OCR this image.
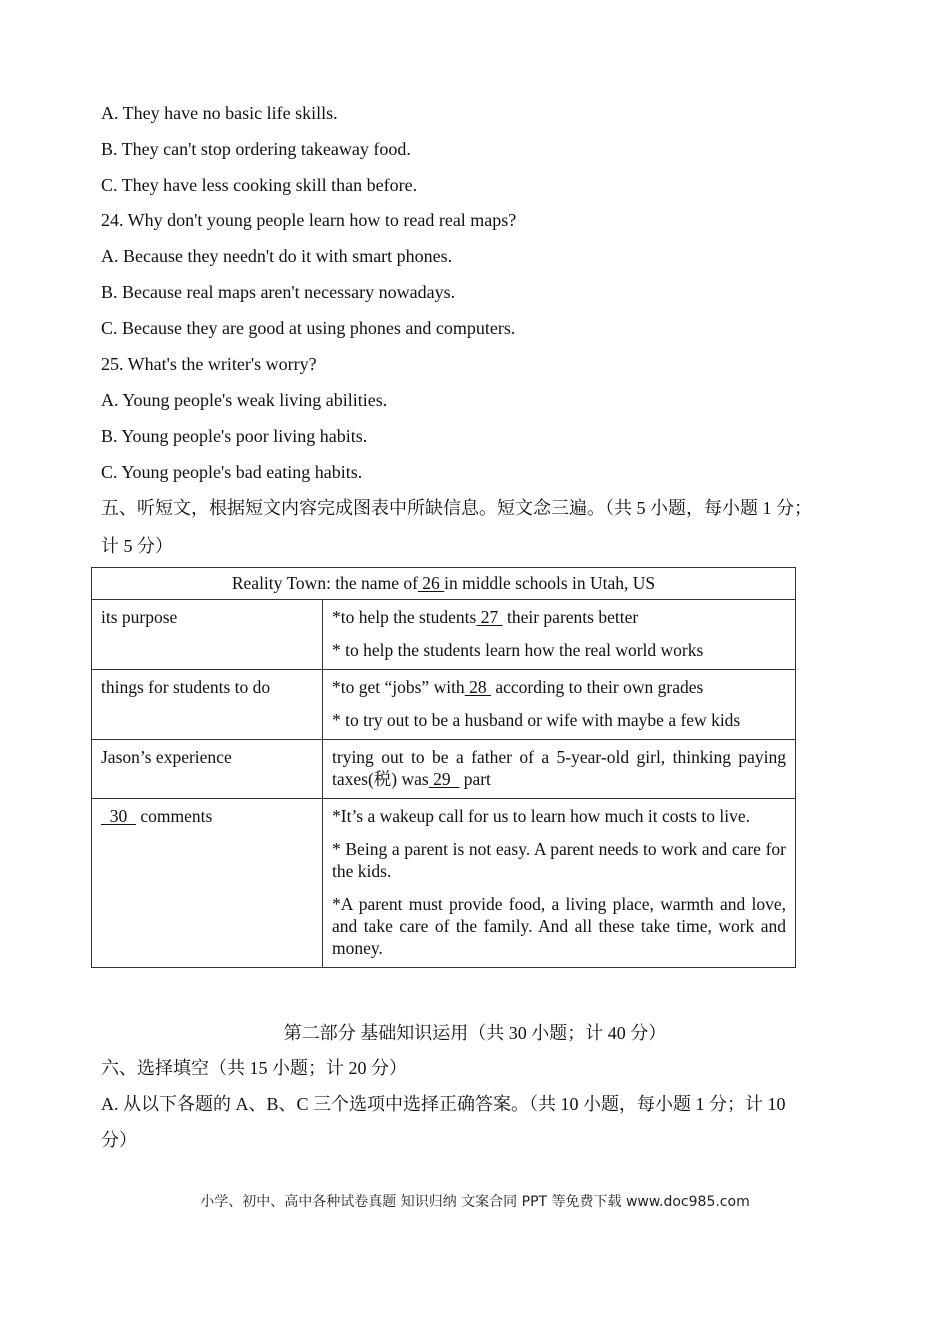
A. They have no basic life skills.
B. They can't stop ordering takeaway food.
C. They have less cooking skill than before.
24. Why don't young people learn how to read real maps?
A. Because they needn't do it with smart phones.
B. Because real maps aren't necessary nowadays.
C. Because they are good at using phones and computers.
25. What's the writer's worry?
A. Young people's weak living abilities.
B. Young people's poor living habits.
C. Young people's bad eating habits.
五、听短文，根据短文内容完成图表中所缺信息。短文念三遍。（共 5 小题，每小题 1 分；
计 5 分）
Reality Town: the name of 26 in middle schools in Utah, US	
its purpose	*to help the students 27  their parents better

* to help the students learn how the real world works

things for students to do	*to get “jobs” with 28  according to their own grades

* to try out to be a husband or wife with maybe a few kids

Jason’s experience	trying out to be a father of a 5-year-old girl, thinking paying taxes(税) was 29   part
30   comments	*It’s a wakeup call for us to learn how much it costs to live.

* Being a parent is not easy. A parent needs to work and care for the kids.

*A parent must provide food, a living place, warmth and love, and take care of the family. And all these take time, work and money.

第二部分 基础知识运用（共 30 小题；计 40 分）
六、选择填空（共 15 小题；计 20 分）
A. 从以下各题的 A、B、C 三个选项中选择正确答案。（共 10 小题，每小题 1 分；计 10
分）
小学、初中、高中各种试卷真题 知识归纳 文案合同 PPT 等免费下载 www.doc985.com
